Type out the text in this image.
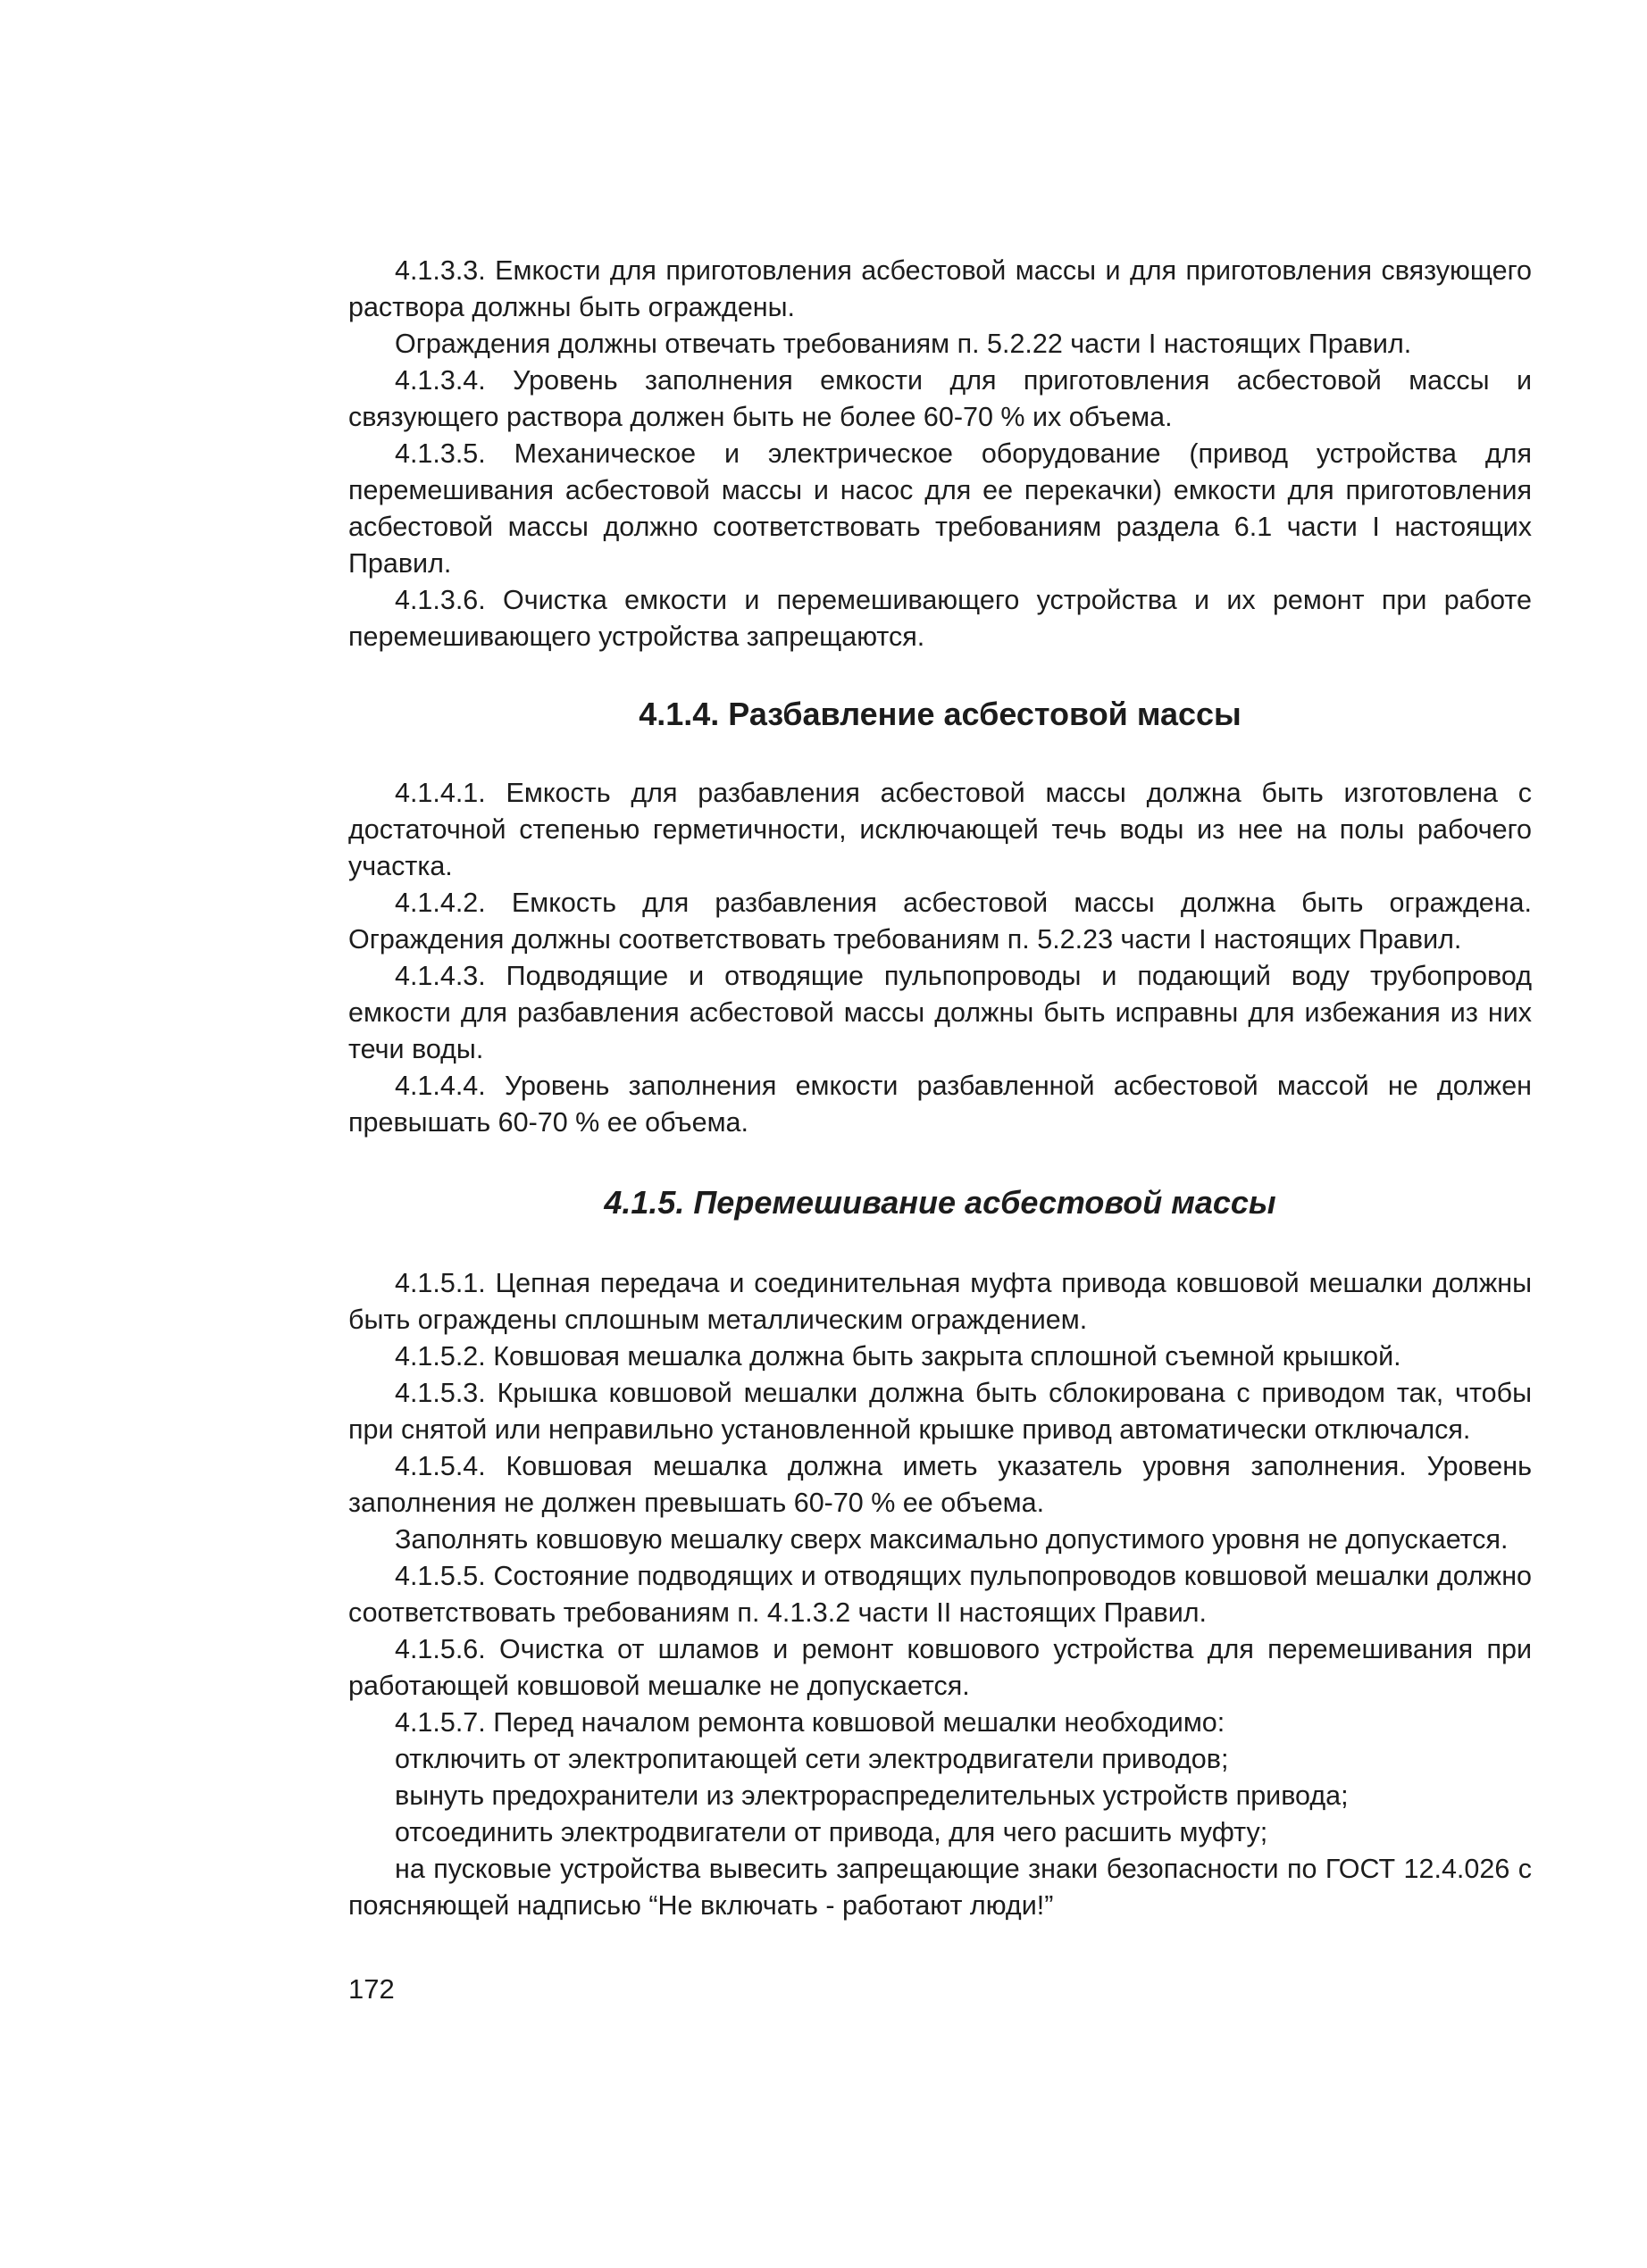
4.1.3.3. Емкости для приготовления асбестовой массы и для приготовления связующего раствора должны быть ограждены.

Ограждения должны отвечать требованиям п. 5.2.22 части I настоящих Правил.

4.1.3.4. Уровень заполнения емкости для приготовления асбестовой массы и связующего раствора должен быть не более 60-70 % их объема.

4.1.3.5. Механическое и электрическое оборудование (привод устройства для перемешивания асбестовой массы и насос для ее перекачки) емкости для приготовления асбестовой массы должно соответствовать требованиям раздела 6.1 части I настоящих Правил.

4.1.3.6. Очистка емкости и перемешивающего устройства и их ремонт при работе перемешивающего устройства запрещаются.

4.1.4. Разбавление асбестовой массы

4.1.4.1. Емкость для разбавления асбестовой массы должна быть изготовлена с достаточной степенью герметичности, исключающей течь воды из нее на полы рабочего участка.

4.1.4.2. Емкость для разбавления асбестовой массы должна быть ограждена. Ограждения должны соответствовать требованиям п. 5.2.23 части I настоящих Правил.

4.1.4.3. Подводящие и отводящие пульпопроводы и подающий воду трубопровод емкости для разбавления асбестовой массы должны быть исправны для избежания из них течи воды.

4.1.4.4. Уровень заполнения емкости разбавленной асбестовой массой не должен превышать 60-70 % ее объема.

4.1.5. Перемешивание асбестовой массы

4.1.5.1. Цепная передача и соединительная муфта привода ковшовой мешалки должны быть ограждены сплошным металлическим ограждением.

4.1.5.2. Ковшовая мешалка должна быть закрыта сплошной съемной крышкой.

4.1.5.3. Крышка ковшовой мешалки должна быть сблокирована с приводом так, чтобы при снятой или неправильно установленной крышке привод автоматически отключался.

4.1.5.4. Ковшовая мешалка должна иметь указатель уровня заполнения. Уровень заполнения не должен превышать 60-70 % ее объема.

Заполнять ковшовую мешалку сверх максимально допустимого уровня не допускается.

4.1.5.5. Состояние подводящих и отводящих пульпопроводов ковшовой мешалки должно соответствовать требованиям п. 4.1.3.2 части II настоящих Правил.

4.1.5.6. Очистка от шламов и ремонт ковшового устройства для перемешивания при работающей ковшовой мешалке не допускается.

4.1.5.7. Перед началом ремонта ковшовой мешалки необходимо:

отключить от электропитающей сети электродвигатели приводов;

вынуть предохранители из электрораспределительных устройств привода;

отсоединить электродвигатели от привода, для чего расшить муфту;

на пусковые устройства вывесить запрещающие знаки безопасности по ГОСТ 12.4.026 с поясняющей надписью “Не включать - работают люди!”

172
